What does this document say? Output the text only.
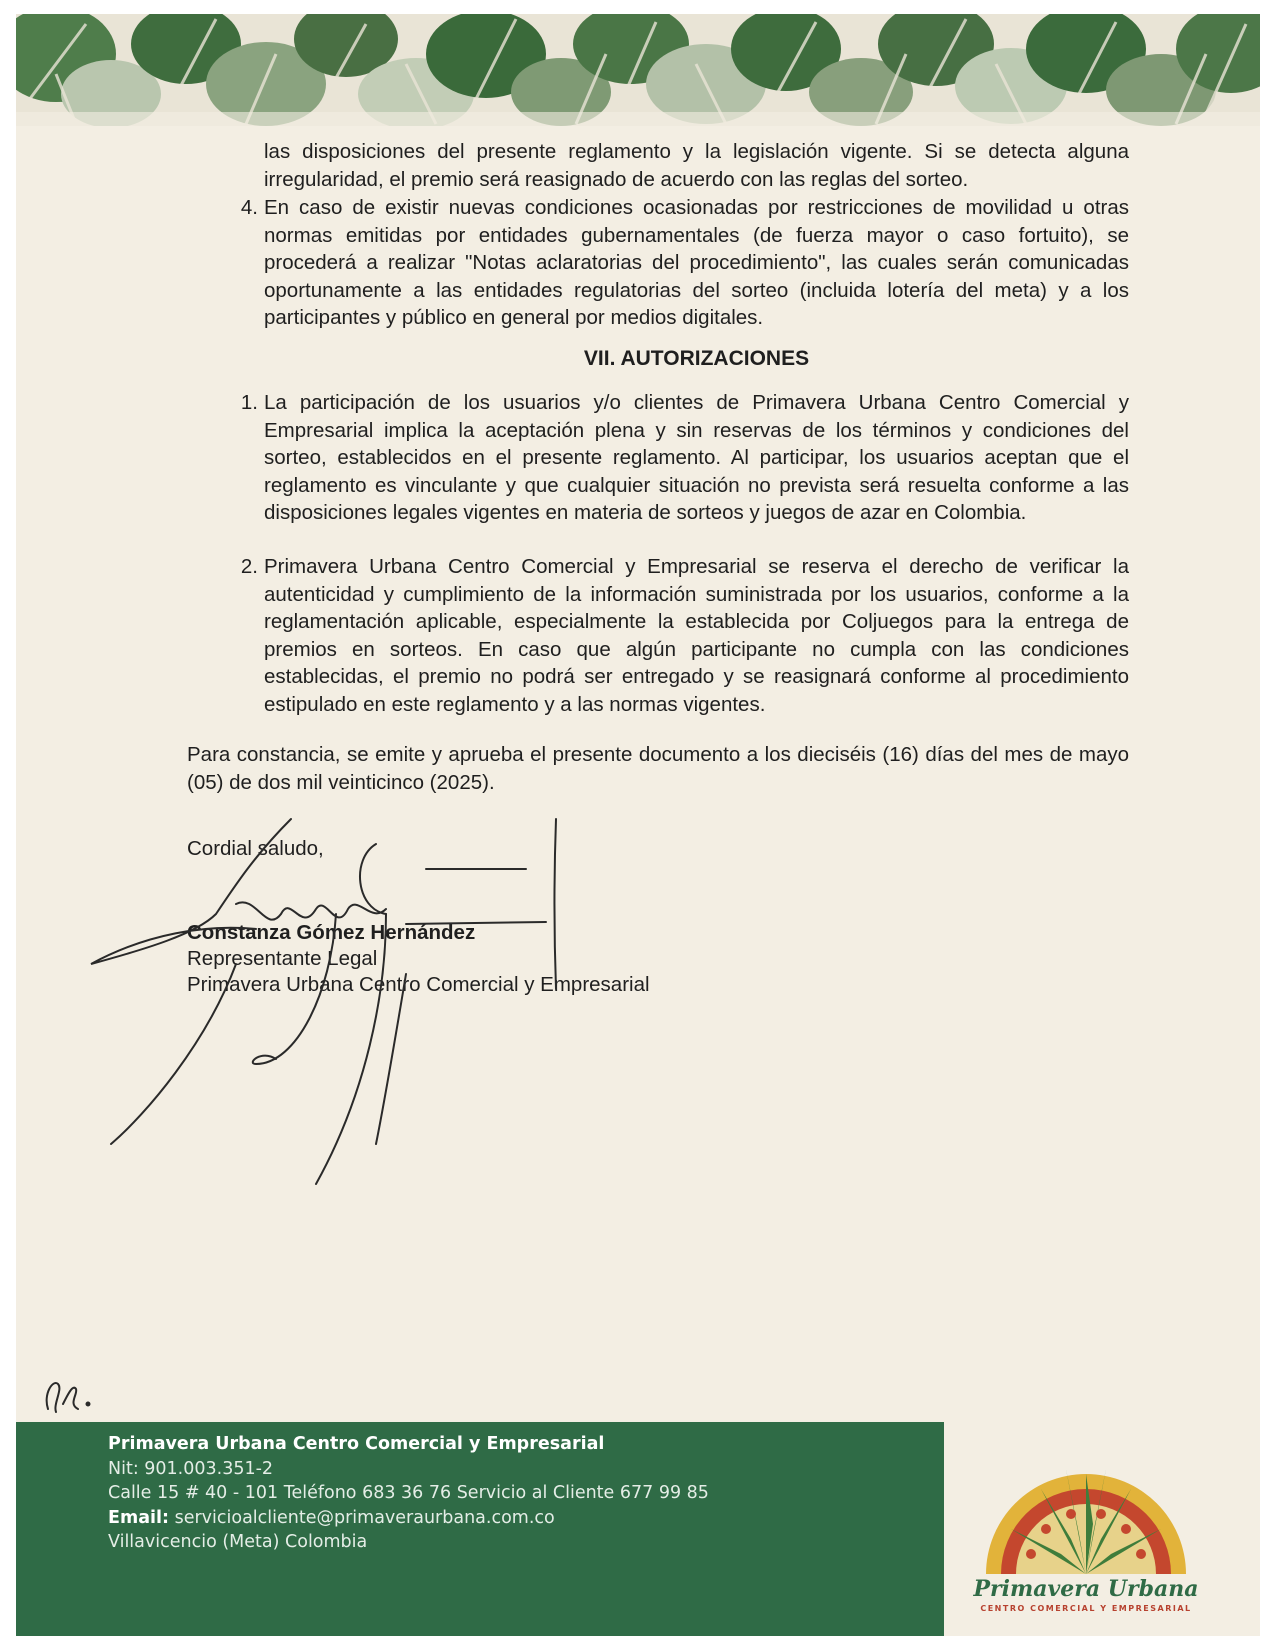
las disposiciones del presente reglamento y la legislación vigente. Si se detecta alguna irregularidad, el premio será reasignado de acuerdo con las reglas del sorteo.
4. En caso de existir nuevas condiciones ocasionadas por restricciones de movilidad u otras normas emitidas por entidades gubernamentales (de fuerza mayor o caso fortuito), se procederá a realizar "Notas aclaratorias del procedimiento", las cuales serán comunicadas oportunamente a las entidades regulatorias del sorteo (incluida lotería del meta) y a los participantes y público en general por medios digitales.
VII. AUTORIZACIONES
1. La participación de los usuarios y/o clientes de Primavera Urbana Centro Comercial y Empresarial implica la aceptación plena y sin reservas de los términos y condiciones del sorteo, establecidos en el presente reglamento. Al participar, los usuarios aceptan que el reglamento es vinculante y que cualquier situación no prevista será resuelta conforme a las disposiciones legales vigentes en materia de sorteos y juegos de azar en Colombia.
2. Primavera Urbana Centro Comercial y Empresarial se reserva el derecho de verificar la autenticidad y cumplimiento de la información suministrada por los usuarios, conforme a la reglamentación aplicable, especialmente la establecida por Coljuegos para la entrega de premios en sorteos. En caso que algún participante no cumpla con las condiciones establecidas, el premio no podrá ser entregado y se reasignará conforme al procedimiento estipulado en este reglamento y a las normas vigentes.
Para constancia, se emite y aprueba el presente documento a los dieciséis (16) días del mes de mayo (05) de dos mil veinticinco (2025).
Cordial saludo,
Constanza Gómez Hernández
Representante Legal
Primavera Urbana Centro Comercial y Empresarial
Primavera Urbana Centro Comercial y Empresarial
Nit: 901.003.351-2
Calle 15 # 40 - 101 Teléfono 683 36 76 Servicio al Cliente 677 99 85
Email: servicioalcliente@primaveraurbana.com.co
Villavicencio (Meta) Colombia
Primavera Urbana
CENTRO COMERCIAL Y EMPRESARIAL
